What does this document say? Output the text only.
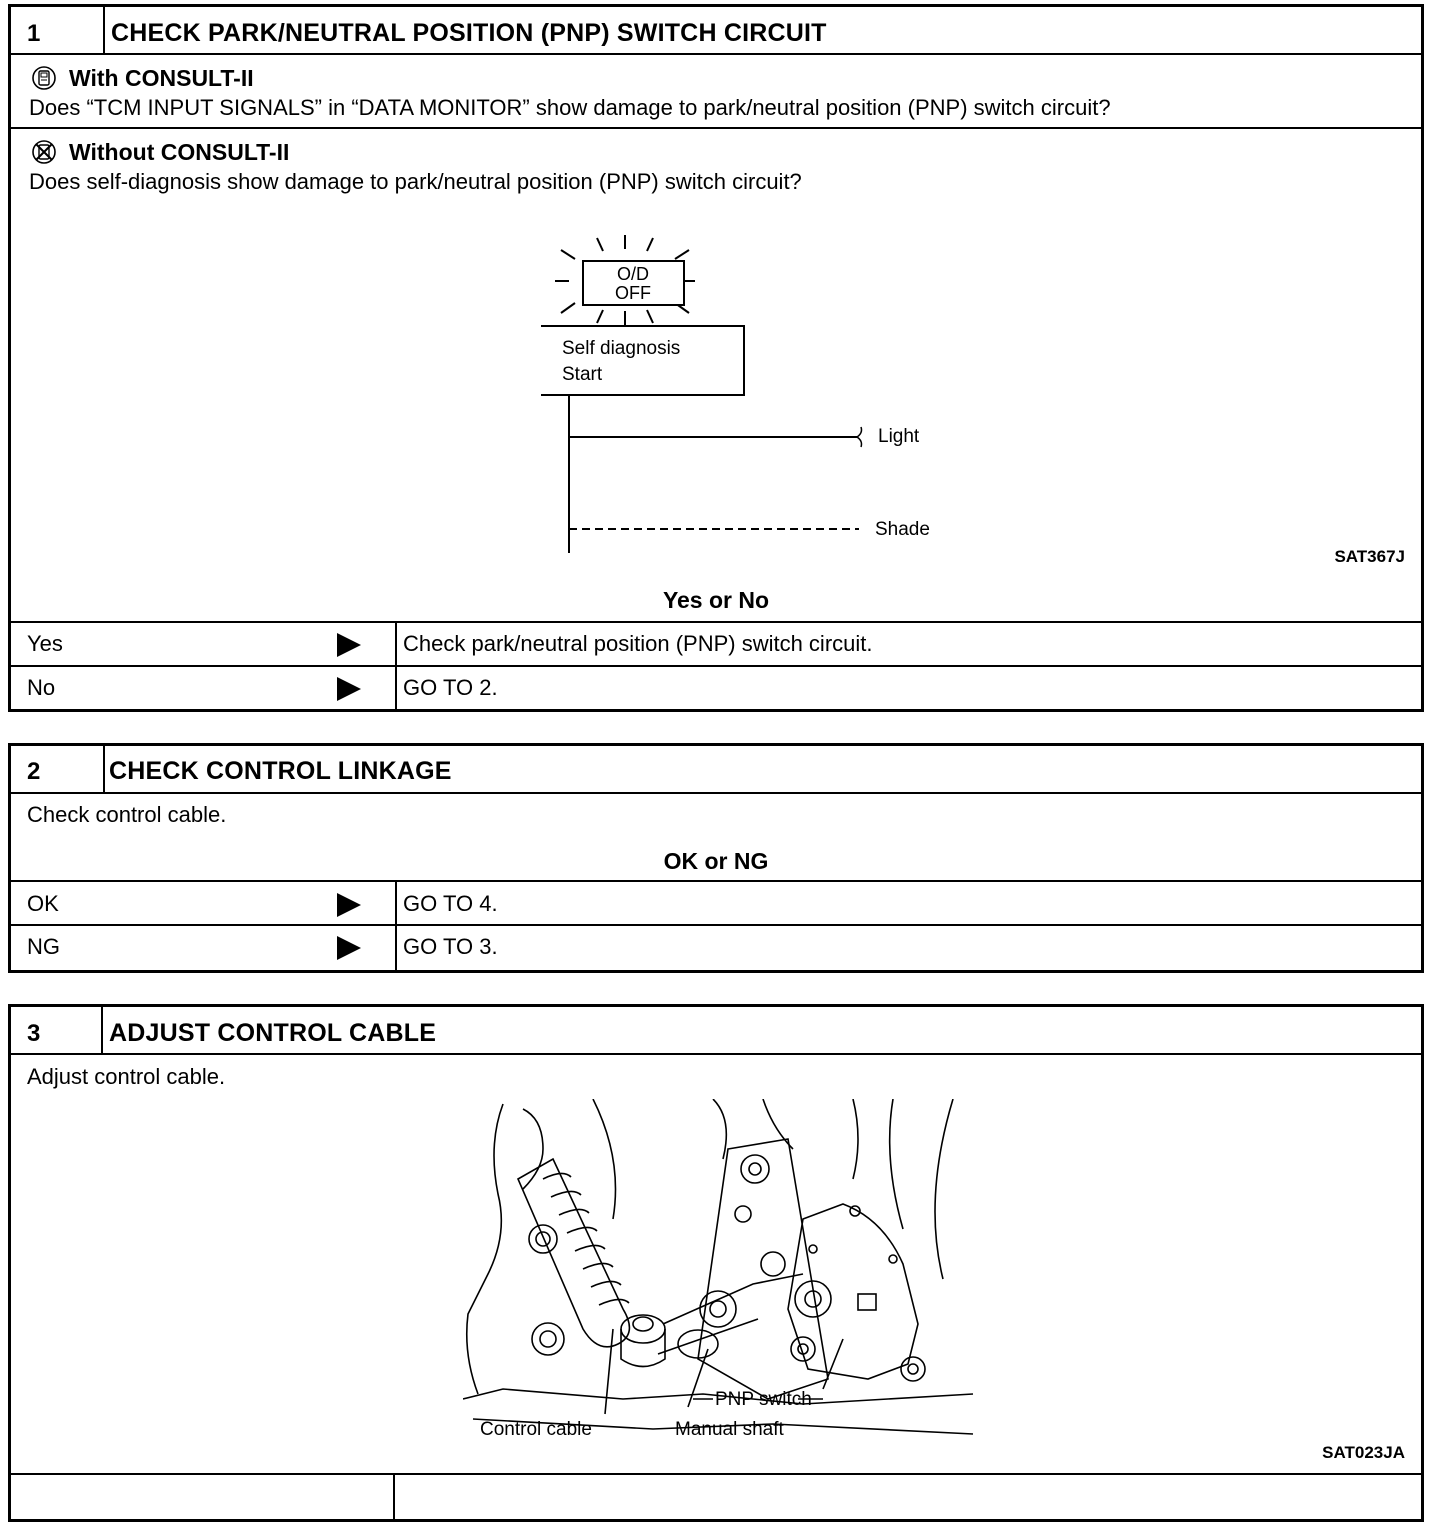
1	CHECK PARK/NEUTRAL POSITION (PNP) SWITCH CIRCUIT
With CONSULT-II
Does “TCM INPUT SIGNALS” in “DATA MONITOR” show damage to park/neutral position (PNP) switch circuit?
Without CONSULT-II
Does self-diagnosis show damage to park/neutral position (PNP) switch circuit?
O/D
OFF
Self diagnosis
Start
Light
Shade
SAT367J
Yes or No
Yes	Check park/neutral position (PNP) switch circuit.
No	GO TO 2.
2	CHECK CONTROL LINKAGE
Check control cable.
OK or NG
OK	GO TO 4.
NG	GO TO 3.
3	ADJUST CONTROL CABLE
Adjust control cable.
PNP switch
Control cable	Manual shaft
SAT023JA
